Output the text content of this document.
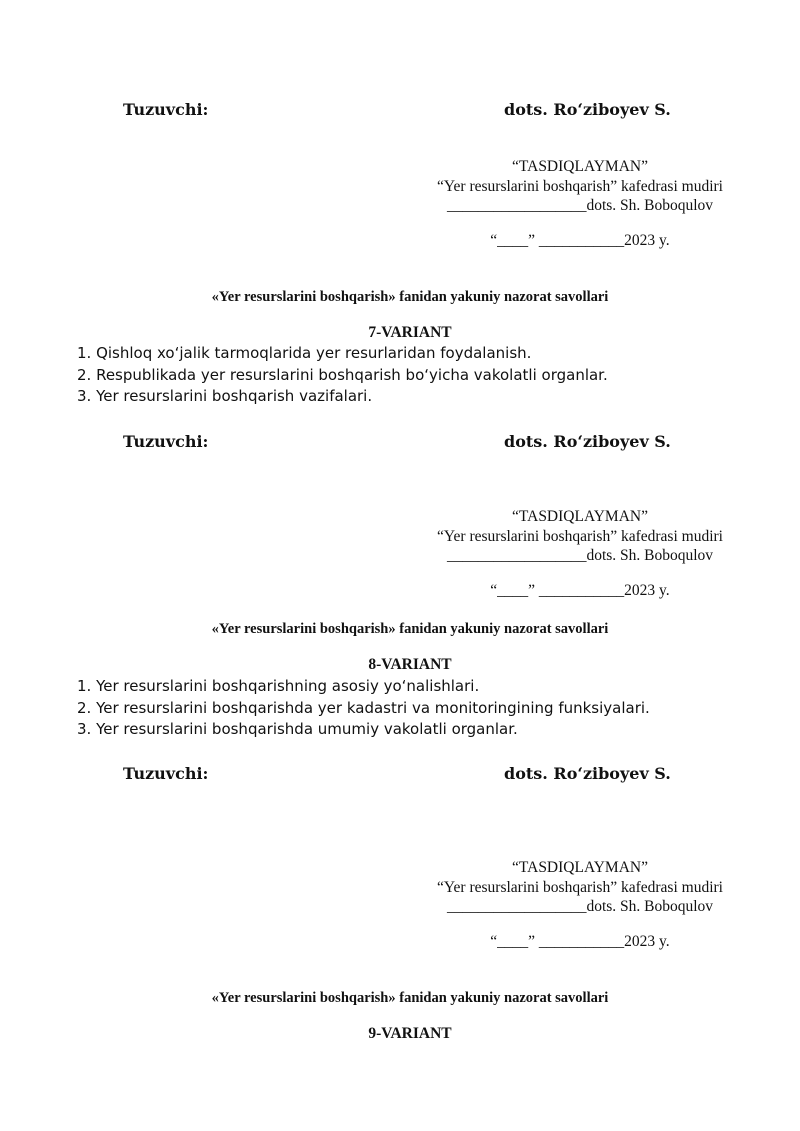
Tuzuvchi:	dots. Ro‘ziboyev S.
“TASDIQLAYMAN”
“Yer resurslarini boshqarish” kafedrasi mudiri
__________________dots. Sh. Boboqulov
“____” ___________2023 y.
«Yer resurslarini boshqarish» fanidan yakuniy nazorat savollari
7-VARIANT
1. Qishloq xo‘jalik tarmoqlarida yer resurlaridan foydalanish.
2. Respublikada yer resurslarini boshqarish bo‘yicha vakolatli organlar.
3. Yer resurslarini boshqarish vazifalari.
Tuzuvchi:	dots. Ro‘ziboyev S.
“TASDIQLAYMAN”
“Yer resurslarini boshqarish” kafedrasi mudiri
__________________dots. Sh. Boboqulov
“____” ___________2023 y.
«Yer resurslarini boshqarish» fanidan yakuniy nazorat savollari
8-VARIANT
1. Yer resurslarini boshqarishning asosiy yo‘nalishlari.
2. Yer resurslarini boshqarishda yer kadastri va monitoringining funksiyalari.
3. Yer resurslarini boshqarishda umumiy vakolatli organlar.
Tuzuvchi:	dots. Ro‘ziboyev S.
“TASDIQLAYMAN”
“Yer resurslarini boshqarish” kafedrasi mudiri
__________________dots. Sh. Boboqulov
“____” ___________2023 y.
«Yer resurslarini boshqarish» fanidan yakuniy nazorat savollari
9-VARIANT
